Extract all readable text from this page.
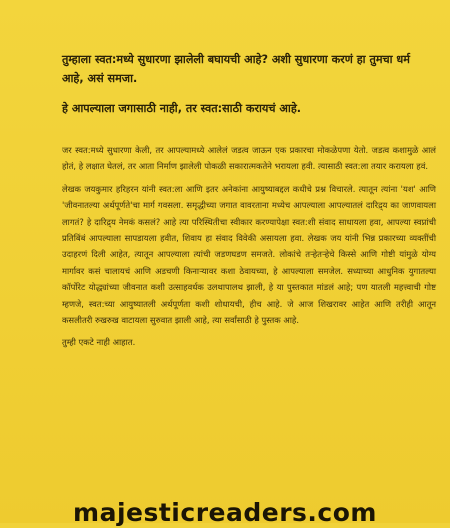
तुम्हाला स्वत:मध्ये सुधारणा झालेली बघायची आहे? अशी सुधारणा करणं हा तुमचा धर्म आहे, असं समजा.

हे आपल्याला जगासाठी नाही, तर स्वत:साठी करायचं आहे.

जर स्वत:मध्ये सुधारणा केली, तर आपल्यामध्ये आलेलं जडत्व जाऊन एक प्रकारचा मोकळेपणा येतो. जडत्व कशामुळे आलं होतं, हे लक्षात घेतलं, तर आता निर्माण झालेली पोकळी सकारात्मकतेने भरायला हवी. त्यासाठी स्वत:ला तयार करायला हवं.

लेखक जयकुमार हरिहरन यांनी स्वत:ला आणि इतर अनेकांना आयुष्याबद्दल कधीचे प्रश्न विचारले. त्यातून त्यांना 'यश' आणि 'जीवनातल्या अर्थपूर्णते'चा मार्ग गवसला. समृद्धीच्या जगात वावरताना मध्येच आपल्याला आपल्यातलं दारिद्र्य का जाणवायला लागतं? हे दारिद्र्य नेमकं कसलं? आहे त्या परिस्थितीचा स्वीकार करण्यापेक्षा स्वत:शी संवाद साधायला हवा, आपल्या स्वप्नांची प्रतिबिंबं आपल्याला सापडायला हवीत, शिवाय हा संवाद विवेकी असायला हवा. लेखक जय यांनी भिन्न प्रकारच्या व्यक्तींची उदाहरणं दिली आहेत, त्यातून आपल्याला त्यांची जडणघडण समजते. लोकांचे तऱ्हेतऱ्हेचे किस्से आणि गोष्टी यांमुळे योग्य मार्गावर कसं चालायचं आणि अडचणी किनाऱ्यावर कशा ठेवायच्या, हे आपल्याला समजेल. सध्याच्या आधुनिक युगातल्या कॉर्पोरेट योद्ध्यांच्या जीवनात कशी उत्साहवर्धक उलथापालथ झाली, हे या पुस्तकात मांडलं आहे; पण यातली महत्त्वाची गोष्ट म्हणजे, स्वत:च्या आयुष्यातली अर्थपूर्णता कशी शोधायची, हीच आहे. जे आज शिखरावर आहेत आणि तरीही आतून कसलीतरी रुखरुख वाटायला सुरुवात झाली आहे, त्या सर्वांसाठी हे पुस्तक आहे.

तुम्ही एकटे नाही आहात.

majesticreaders.com
